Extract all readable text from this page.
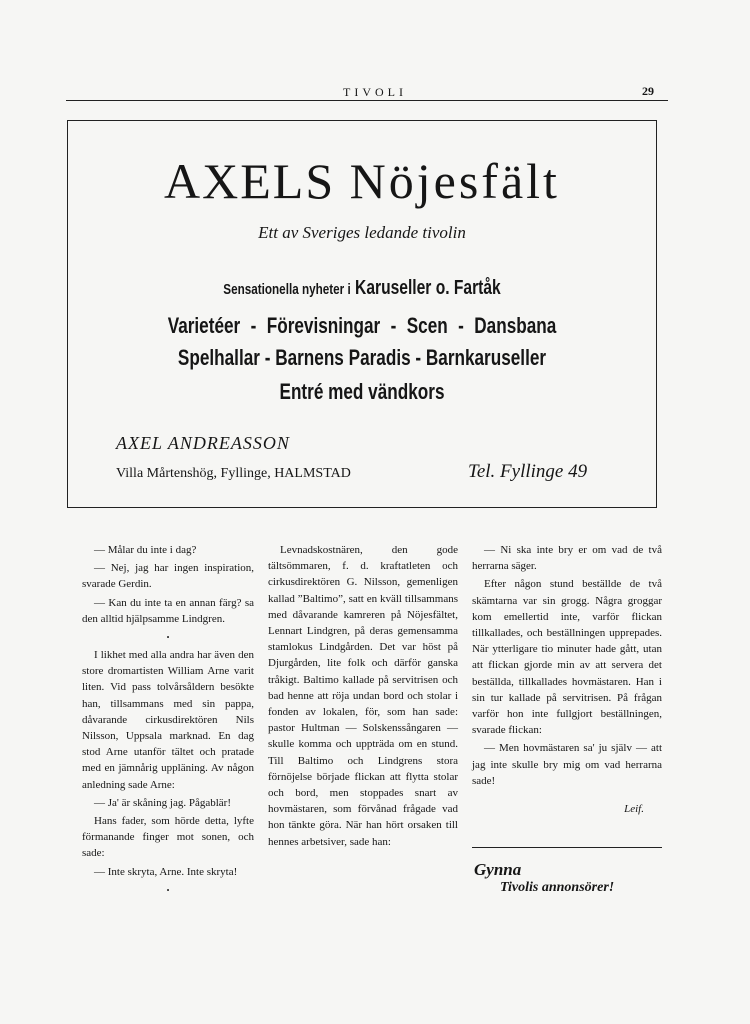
TIVOLI	29
AXELS Nöjesfält
Ett av Sveriges ledande tivolin
Sensationella nyheter i Karuseller o. Fartåk
Varietéer - Förevisningar - Scen - Dansbana
Spelhallar - Barnens Paradis - Barnkaruseller
Entré med vändkors
AXEL ANDREASSON
Villa Mårtenshög, Fyllinge, HALMSTAD	Tel. Fyllinge 49

— Målar du inte i dag?

— Nej, jag har ingen inspiration, svarade Gerdin.

— Kan du inte ta en annan färg? sa den alltid hjälpsamme Lindgren.

•

I likhet med alla andra har även den store dromartisten William Arne varit liten. Vid pass tolvårsåldern besökte han, tillsammans med sin pappa, dåvarande cirkusdirektören Nils Nilsson, Uppsala marknad. En dag stod Arne utanför tältet och pratade med en jämnårig uppläning. Av någon anledning sade Arne:

— Ja' är skåning jag. Pågablär!

Hans fader, som hörde detta, lyfte förmanande finger mot sonen, och sade:

— Inte skryta, Arne. Inte skryta!

•

Levnadskostnären, den gode tältsömmaren, f. d. kraftatleten och cirkusdirektören G. Nilsson, gemenligen kallad ”Baltimo”, satt en kväll tillsammans med dåvarande kamreren på Nöjesfältet, Lennart Lindgren, på deras gemensamma stamlokus Lindgården. Det var höst på Djurgården, lite folk och därför ganska tråkigt. Baltimo kallade på servitrisen och bad henne att röja undan bord och stolar i fonden av lokalen, för, som han sade: pastor Hultman — Solskenssångaren — skulle komma och uppträda om en stund. Till Baltimo och Lindgrens stora förnöjelse började flickan att flytta stolar och bord, men stoppades snart av hovmästaren, som förvånad frågade vad hon tänkte göra. När han hört orsaken till hennes arbetsiver, sade han:

— Ni ska inte bry er om vad de två herrarna säger.

Efter någon stund beställde de två skämtarna var sin grogg. Några groggar kom emellertid inte, varför flickan tillkallades, och beställningen upprepades. När ytterligare tio minuter hade gått, utan att flickan gjorde min av att servera det beställda, tillkallades hovmästaren. Han i sin tur kallade på servitrisen. På frågan varför hon inte fullgjort beställningen, svarade flickan:

— Men hovmästaren sa' ju själv — att jag inte skulle bry mig om vad herrarna sade!

Leif.
Gynna
Tivolis annonsörer!
